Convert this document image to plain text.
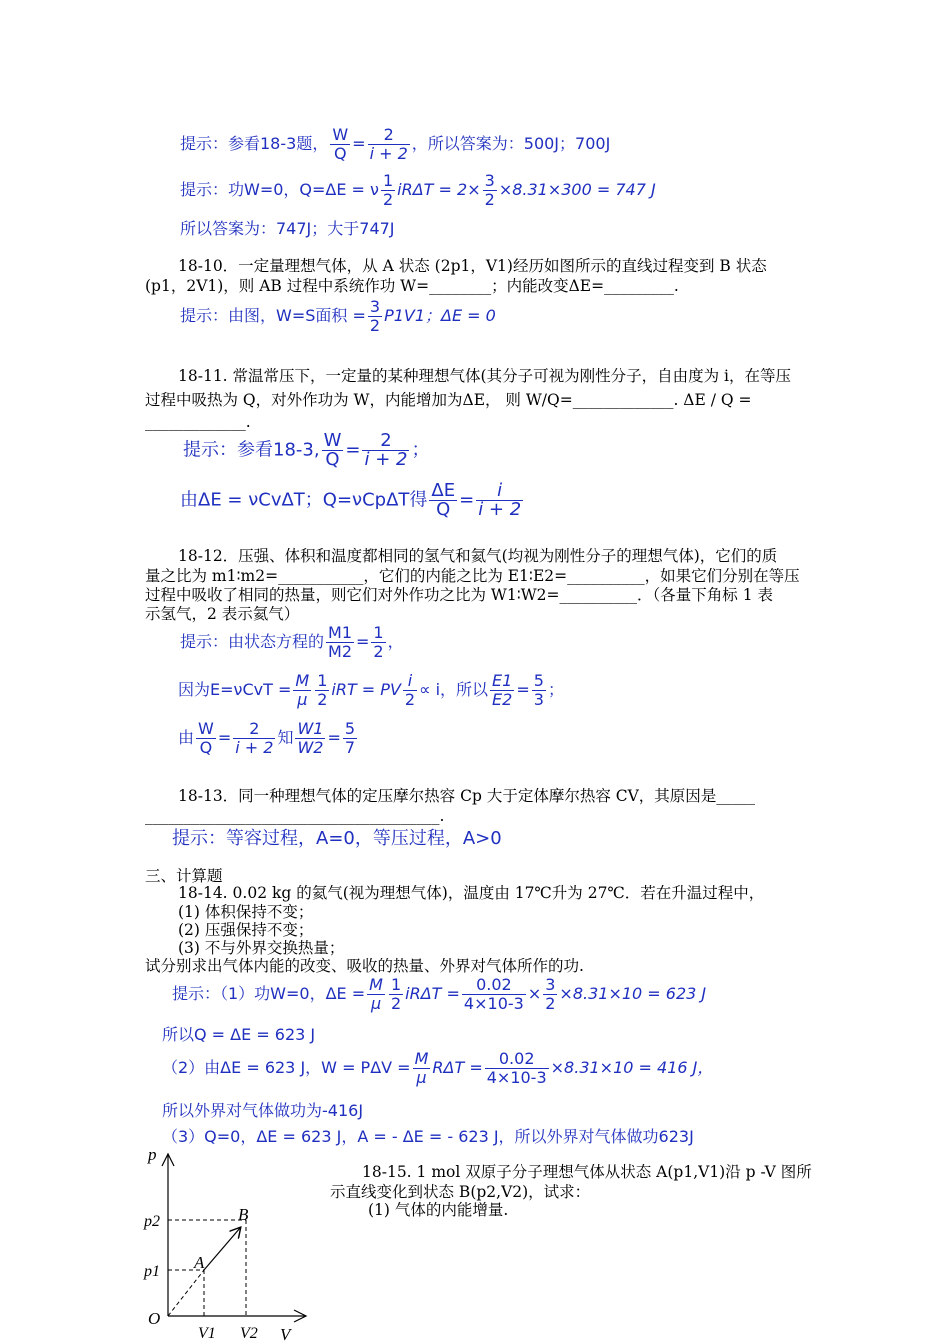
提示：参看18-3题， $\frac{W}{Q} = \frac{2}{i + 2}$ ，所以答案为：500J；700J
提示：功W=0，Q=ΔE = ν $\frac{1}{2}$ $iR\Delta T = 2\times \frac{3}{2} \times 8.31\times 300 = 747$ J
所以答案为：747J；大于747J
18-10．一定量理想气体，从 A 状态 (2p1，V1)经历如图所示的直线过程变到 B 状态
(p1，2V1)，则 AB 过程中系统作功 W=________；内能改变ΔE=_________.
提示：由图，W=S面积 = $\frac{3}{2} P1V1$；ΔE = 0
18-11. 常温常压下，一定量的某种理想气体(其分子可视为刚性分子，自由度为 i，在等压
过程中吸热为 Q，对外作功为 W，内能增加为ΔE， 则 W/Q=_____________. ΔE / Q =
_____________.
提示：参看18-3, $\frac{W}{Q} = \frac{2}{i + 2}$ ；
由ΔE = νCvΔT；Q=νCpΔT得 $\frac{\Delta E}{Q} = \frac{i}{i + 2}$
18-12．压强、体积和温度都相同的氢气和氦气(均视为刚性分子的理想气体)，它们的质
量之比为 m1∶m2=___________，它们的内能之比为 E1∶E2=__________，如果它们分别在等压
过程中吸收了相同的热量，则它们对外作功之比为 W1∶W2=__________．（各量下角标 1 表
示氢气，2 表示氦气）
提示：由状态方程的 $\frac{M1}{M2} = \frac{1}{2}$ ，
因为$E=\nu CvT = \frac{M}{\mu} \frac{1}{2}$ iRT = PV $\frac{i}{2} \propto i$，所以 $\frac{E1}{E2} = \frac{5}{3}$ ；
由 $\frac{W}{Q} = \frac{2}{i + 2}$ 知 $\frac{W1}{W2} = \frac{5}{7}$
18-13．同一种理想气体的定压摩尔热容 Cp 大于定体摩尔热容 CV，其原因是_____
______________________________________.
提示：等容过程，A=0，等压过程，A>0
三、计算题
18-14. 0.02 kg 的氦气(视为理想气体)，温度由 17℃升为 27℃．若在升温过程中，
(1) 体积保持不变；
(2) 压强保持不变；
(3) 不与外界交换热量；
试分别求出气体内能的改变、吸收的热量、外界对气体所作的功.
提示：（1）功W=0，$\Delta E = \frac{M}{\mu} \frac{1}{2}$ $iR\Delta T = \frac{0.02}{4\times 10-3} \times \frac{3}{2} \times 8.31\times 10 = 623$ J
所以Q = ΔE = 623 J
（2）由ΔE = 623 J，$W = P\Delta V = \frac{M}{\mu}$ $R\Delta T = \frac{0.02}{4\times 10-3} \times 8.31\times 10 = 416$ J，
所以外界对气体做功为-416J
（3）Q=0，ΔE = 623 J，A = - ΔE = - 623 J，所以外界对气体做功623J
18-15. 1 mol 双原子分子理想气体从状态 A(p1,V1)沿 p -V 图所
示直线变化到状态 B(p2,V2)，试求：
(1) 气体的内能增量.
p
V
O
A
B
p1
p2
V1 V2
